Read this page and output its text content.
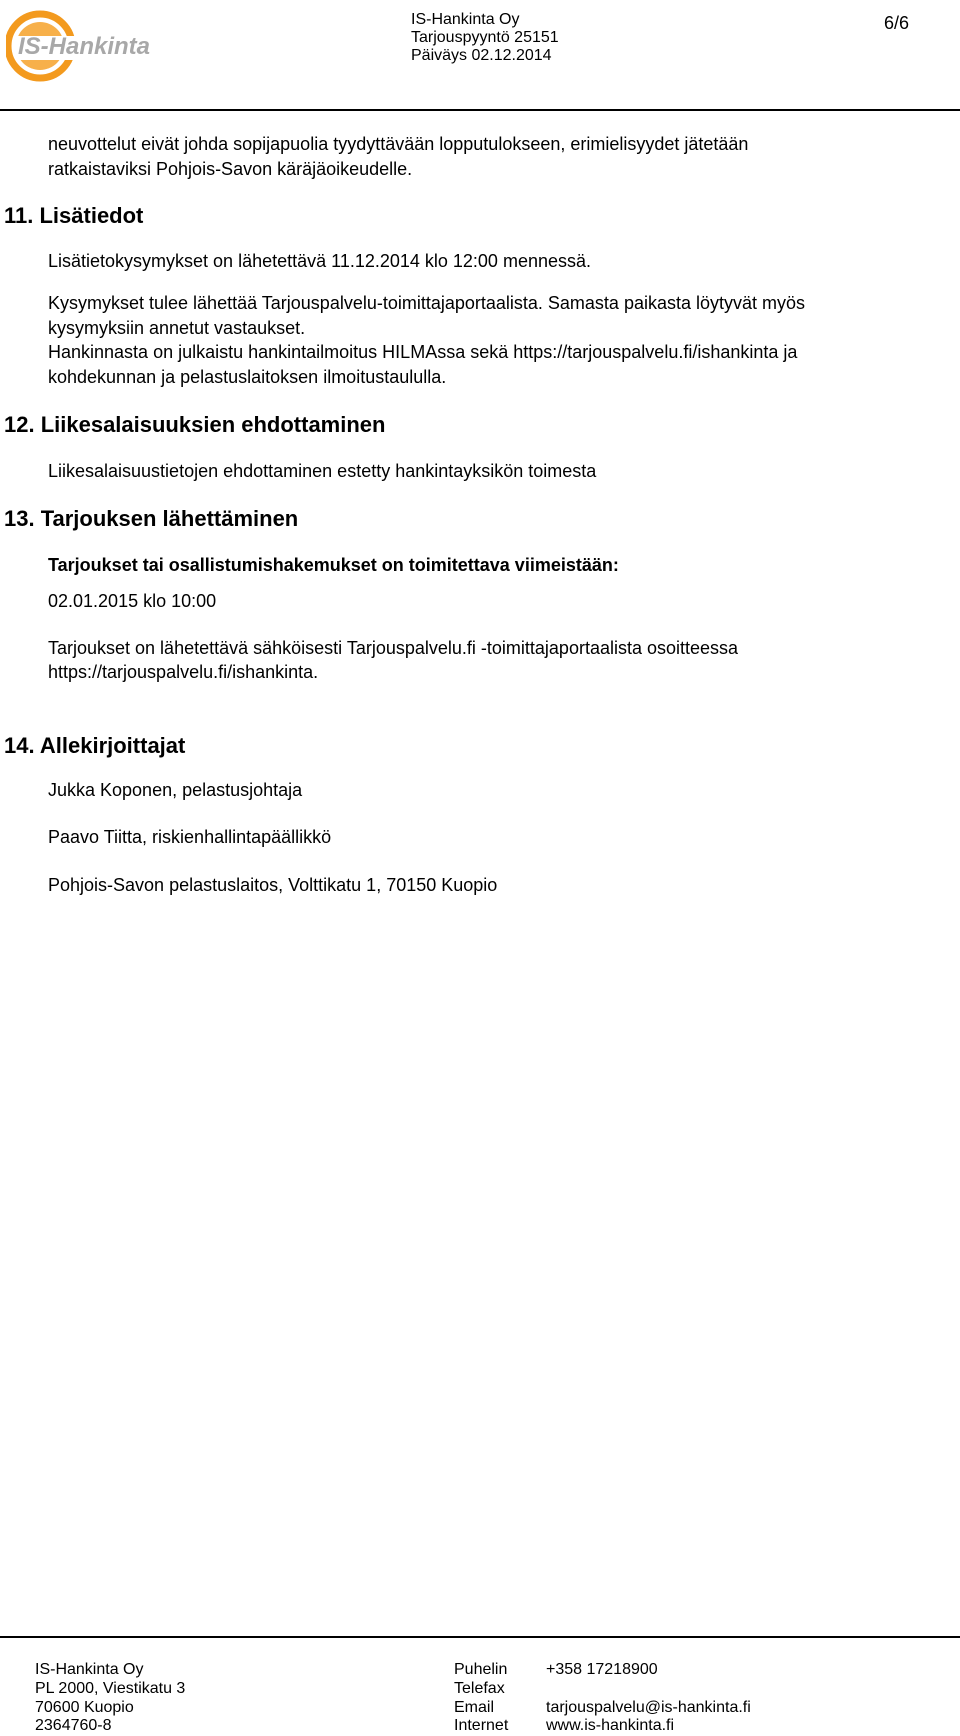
IS-Hankinta
IS-Hankinta Oy
Tarjouspyyntö 25151
Päiväys 02.12.2014
6/6
neuvottelut eivät johda sopijapuolia tyydyttävään lopputulokseen, erimielisyydet jätetään
ratkaistaviksi Pohjois-Savon käräjäoikeudelle.
11. Lisätiedot
Lisätietokysymykset on lähetettävä 11.12.2014 klo 12:00 mennessä.
Kysymykset tulee lähettää Tarjouspalvelu-toimittajaportaalista. Samasta paikasta löytyvät myös
kysymyksiin annetut vastaukset.
Hankinnasta on julkaistu hankintailmoitus HILMAssa sekä https://tarjouspalvelu.fi/ishankinta ja
kohdekunnan ja pelastuslaitoksen ilmoitustaululla.
12. Liikesalaisuuksien ehdottaminen
Liikesalaisuustietojen ehdottaminen estetty hankintayksikön toimesta
13. Tarjouksen lähettäminen
Tarjoukset tai osallistumishakemukset on toimitettava viimeistään:
02.01.2015 klo 10:00
Tarjoukset on lähetettävä sähköisesti Tarjouspalvelu.fi -toimittajaportaalista osoitteessa
https://tarjouspalvelu.fi/ishankinta.
14. Allekirjoittajat
Jukka Koponen, pelastusjohtaja
Paavo Tiitta, riskienhallintapäällikkö
Pohjois-Savon pelastuslaitos, Volttikatu 1, 70150 Kuopio
IS-Hankinta Oy
PL 2000, Viestikatu 3
70600 Kuopio
2364760-8
Puhelin
Telefax
Email
Internet
+358 17218900
tarjouspalvelu@is-hankinta.fi
www.is-hankinta.fi
